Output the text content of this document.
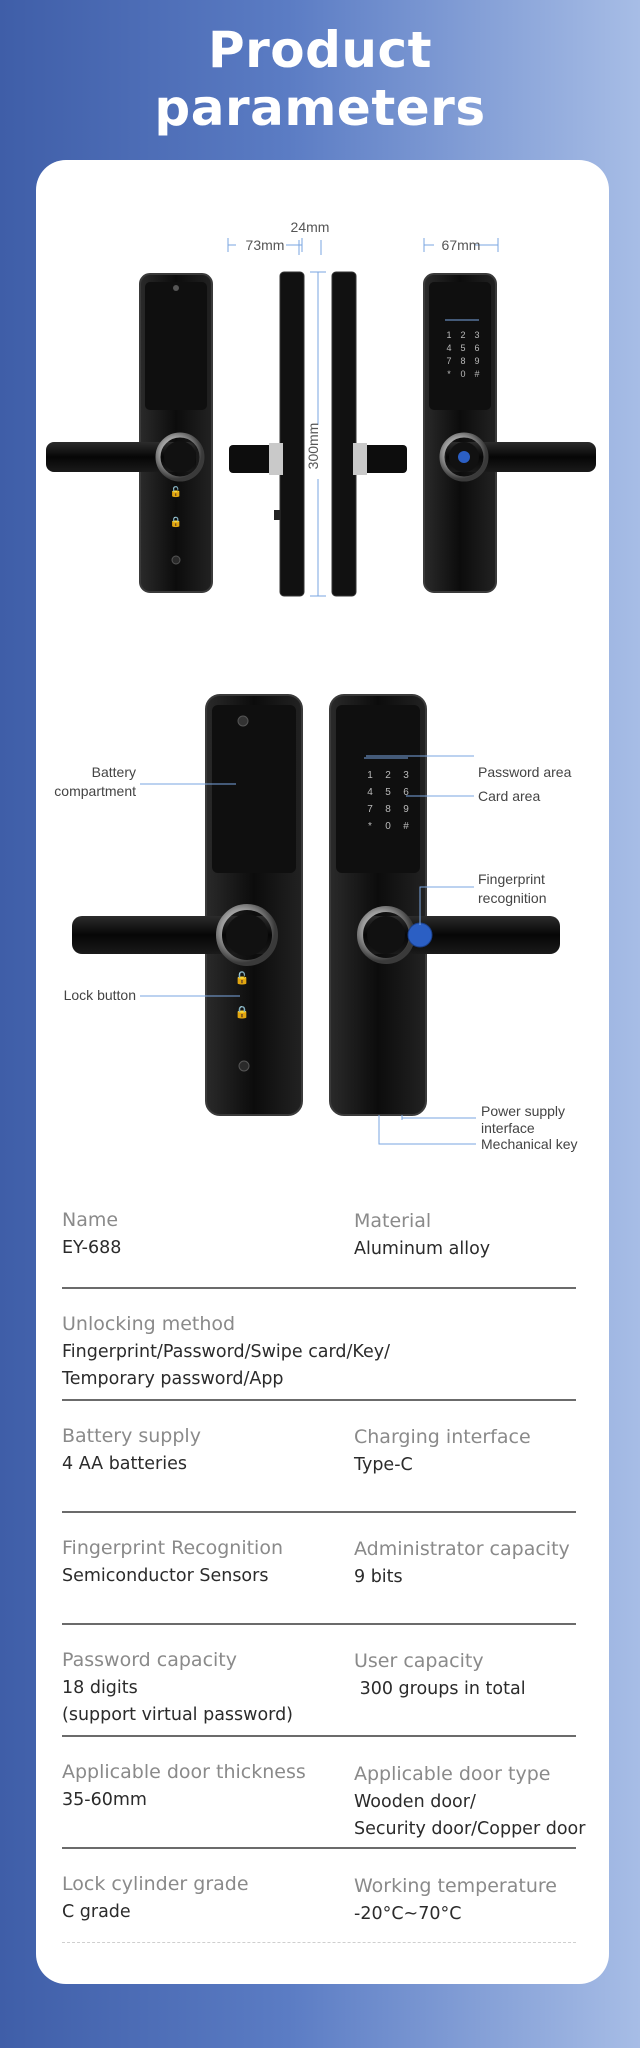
Product
parameters
73mm
24mm
67mm
🔓
🔒
300mm
1 2 3
4 5 6
7 8 9
* 0 #
🔓
🔒
1 2 3
4 5 6
7 8 9
* 0 #
Battery
compartment
Lock button
Password area
Card area
Fingerprint
recognition
Power supply
interface
Mechanical key
Name
EY-688
Material
Aluminum alloy
Unlocking method
Fingerprint/Password/Swipe card/Key/
Temporary password/App
Battery supply
4 AA batteries
Charging interface
Type-C
Fingerprint Recognition
Semiconductor Sensors
Administrator capacity
9 bits
Password capacity
18 digits
(support virtual password)
User capacity
300 groups in total
Applicable door thickness
35-60mm
Applicable door type
Wooden door/
Security door/Copper door
Lock cylinder grade
C grade
Working temperature
-20°C~70°C
